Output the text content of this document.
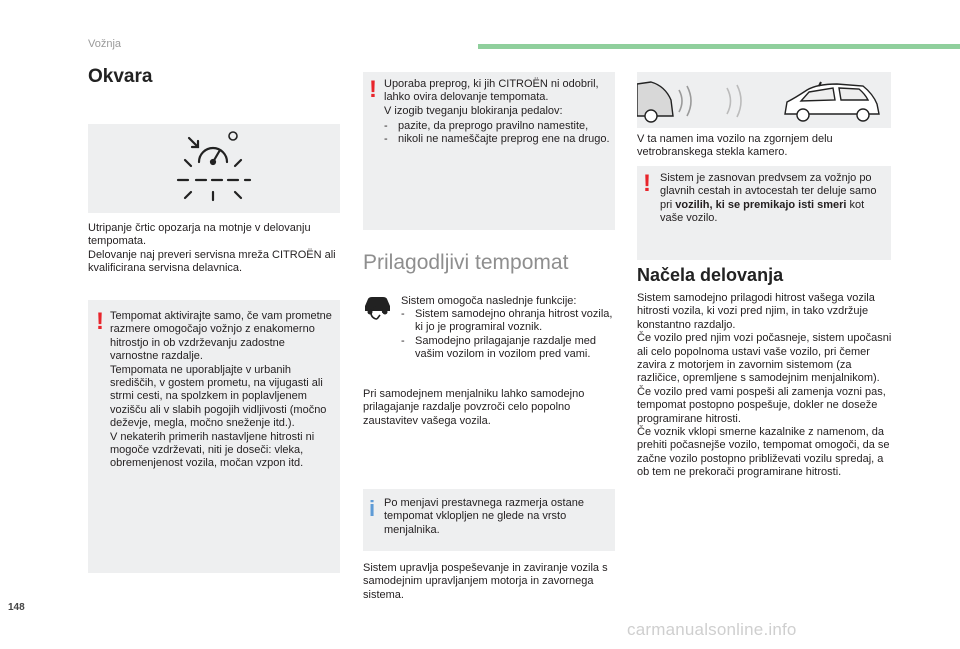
Vožnja
Okvara
Utripanje črtic opozarja na motnje v delovanju tempomata.
Delovanje naj preveri servisna mreža CITROËN ali kvalificirana servisna delavnica.
! Tempomat aktivirajte samo, če vam prometne razmere omogočajo vožnjo z enakomerno hitrostjo in ob vzdrževanju zadostne varnostne razdalje.
Tempomata ne uporabljajte v urbanih središčih, v gostem prometu, na vijugasti ali strmi cesti, na spolzkem in poplavljenem vozišču ali v slabih pogojih vidljivosti (močno deževje, megla, močno sneženje itd.).
V nekaterih primerih nastavljene hitrosti ni mogoče vzdrževati, niti je doseči: vleka, obremenjenost vozila, močan vzpon itd.
! Uporaba preprog, ki jih CITROËN ni odobril, lahko ovira delovanje tempomata.
V izogib tveganju blokiranja pedalov:
- pazite, da preprogo pravilno namestite,
- nikoli ne nameščajte preprog ene na drugo.
Prilagodljivi tempomat
Sistem omogoča naslednje funkcije:
- Sistem samodejno ohranja hitrost vozila, ki jo je programiral voznik.
- Samodejno prilagajanje razdalje med vašim vozilom in vozilom pred vami.
Pri samodejnem menjalniku lahko samodejno prilagajanje razdalje povzroči celo popolno zaustavitev vašega vozila.
i Po menjavi prestavnega razmerja ostane tempomat vklopljen ne glede na vrsto menjalnika.
Sistem upravlja pospeševanje in zaviranje vozila s samodejnim upravljanjem motorja in zavornega sistema.
V ta namen ima vozilo na zgornjem delu vetrobranskega stekla kamero.
! Sistem je zasnovan predvsem za vožnjo po glavnih cestah in avtocestah ter deluje samo pri vozilih, ki se premikajo isti smeri kot vaše vozilo.
Načela delovanja
Sistem samodejno prilagodi hitrost vašega vozila hitrosti vozila, ki vozi pred njim, in tako vzdržuje konstantno razdaljo.
Če vozilo pred njim vozi počasneje, sistem upočasni ali celo popolnoma ustavi vaše vozilo, pri čemer zavira z motorjem in zavornim sistemom (za različice, opremljene s samodejnim menjalnikom).
Če vozilo pred vami pospeši ali zamenja vozni pas, tempomat postopno pospešuje, dokler ne doseže programirane hitrosti.
Če voznik vklopi smerne kazalnike z namenom, da prehiti počasnejše vozilo, tempomat omogoči, da se začne vozilo postopno približevati vozilu spredaj, a ob tem ne prekorači programirane hitrosti.
148
carmanualsonline.info
